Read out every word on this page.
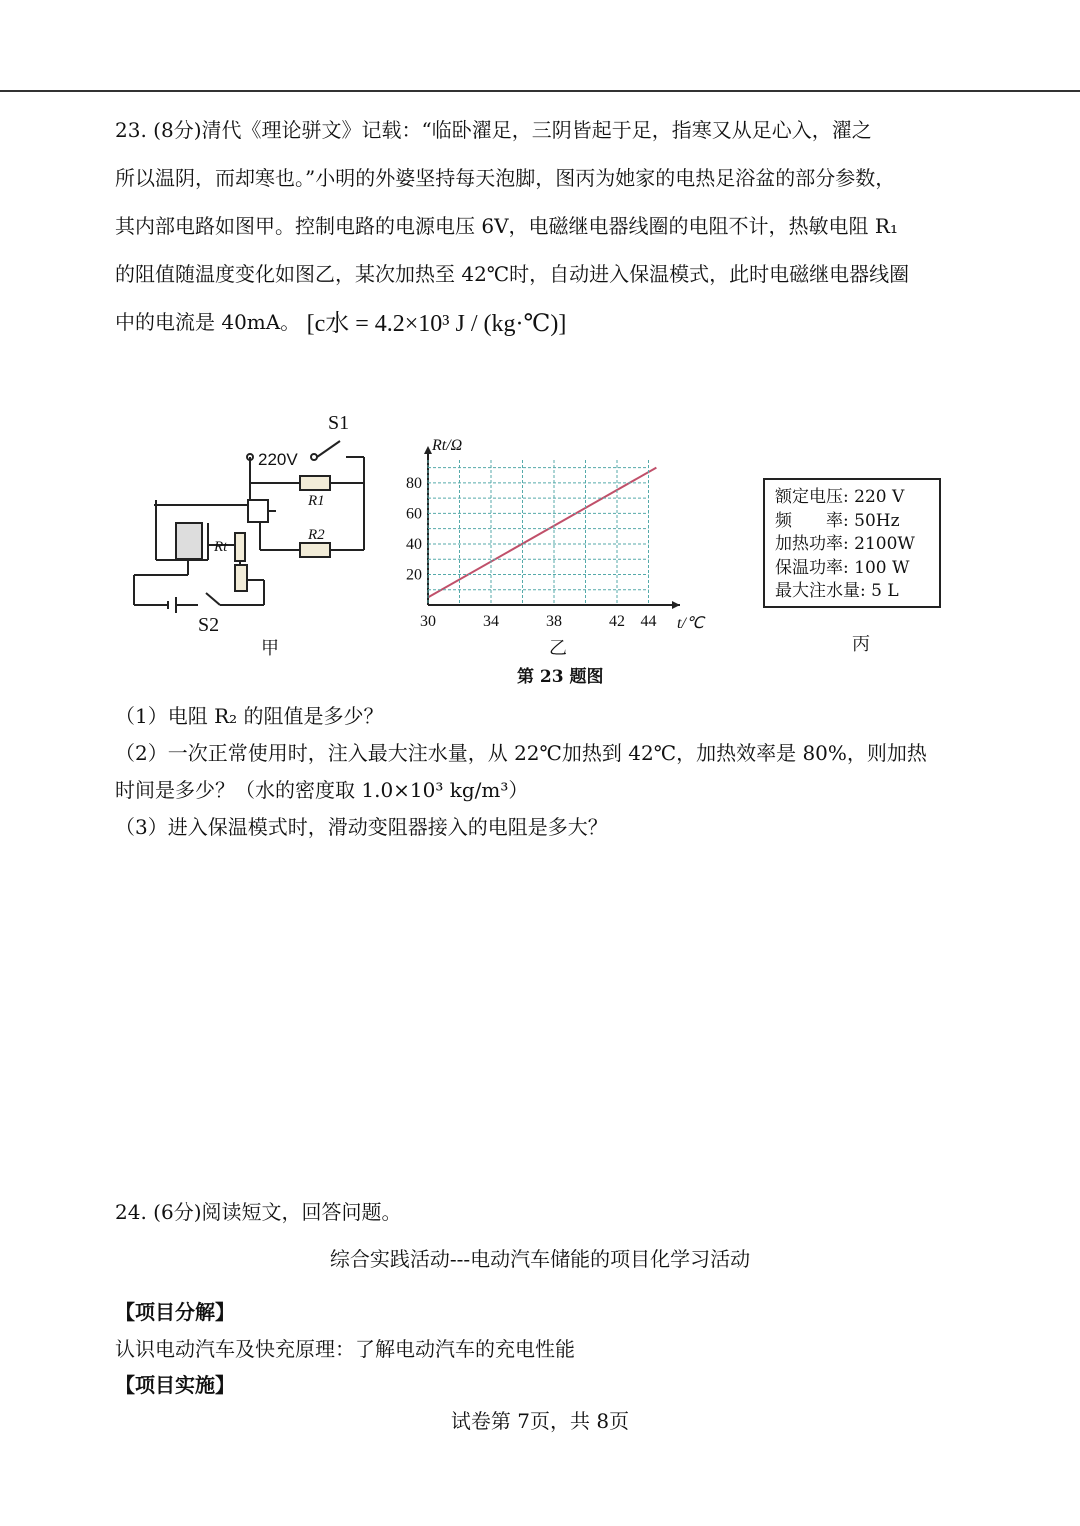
23. (8分)清代《理论骈文》记载：“临卧濯足，三阴皆起于足，指寒又从足心入，濯之
所以温阴，而却寒也。”小明的外婆坚持每天泡脚，图丙为她家的电热足浴盆的部分参数，
其内部电路如图甲。控制电路的电源电压 6V，电磁继电器线圈的电阻不计，热敏电阻 R₁
的阻值随温度变化如图乙，某次加热至 42℃时，自动进入保温模式，此时电磁继电器线圈
中的电流是 40mA。 [c水 = 4.2×10³ J / (kg·℃)]
S1
220V
R1
R2
Rt
S2
甲
80
60
40
20
44
42
38
34
30
Rt/Ω
t/℃
乙
第 23 题图
额定电压: 220 V
频　　率: 50Hz
加热功率: 2100W
保温功率: 100 W
最大注水量: 5 L
丙
（1）电阻 R₂ 的阻值是多少？
（2）一次正常使用时，注入最大注水量，从 22℃加热到 42℃，加热效率是 80%，则加热
时间是多少？（水的密度取 1.0×10³ kg/m³）
（3）进入保温模式时，滑动变阻器接入的电阻是多大？
24. (6分)阅读短文，回答问题。
综合实践活动---电动汽车储能的项目化学习活动
【项目分解】
认识电动汽车及快充原理：了解电动汽车的充电性能
【项目实施】
试卷第 7页，共 8页
